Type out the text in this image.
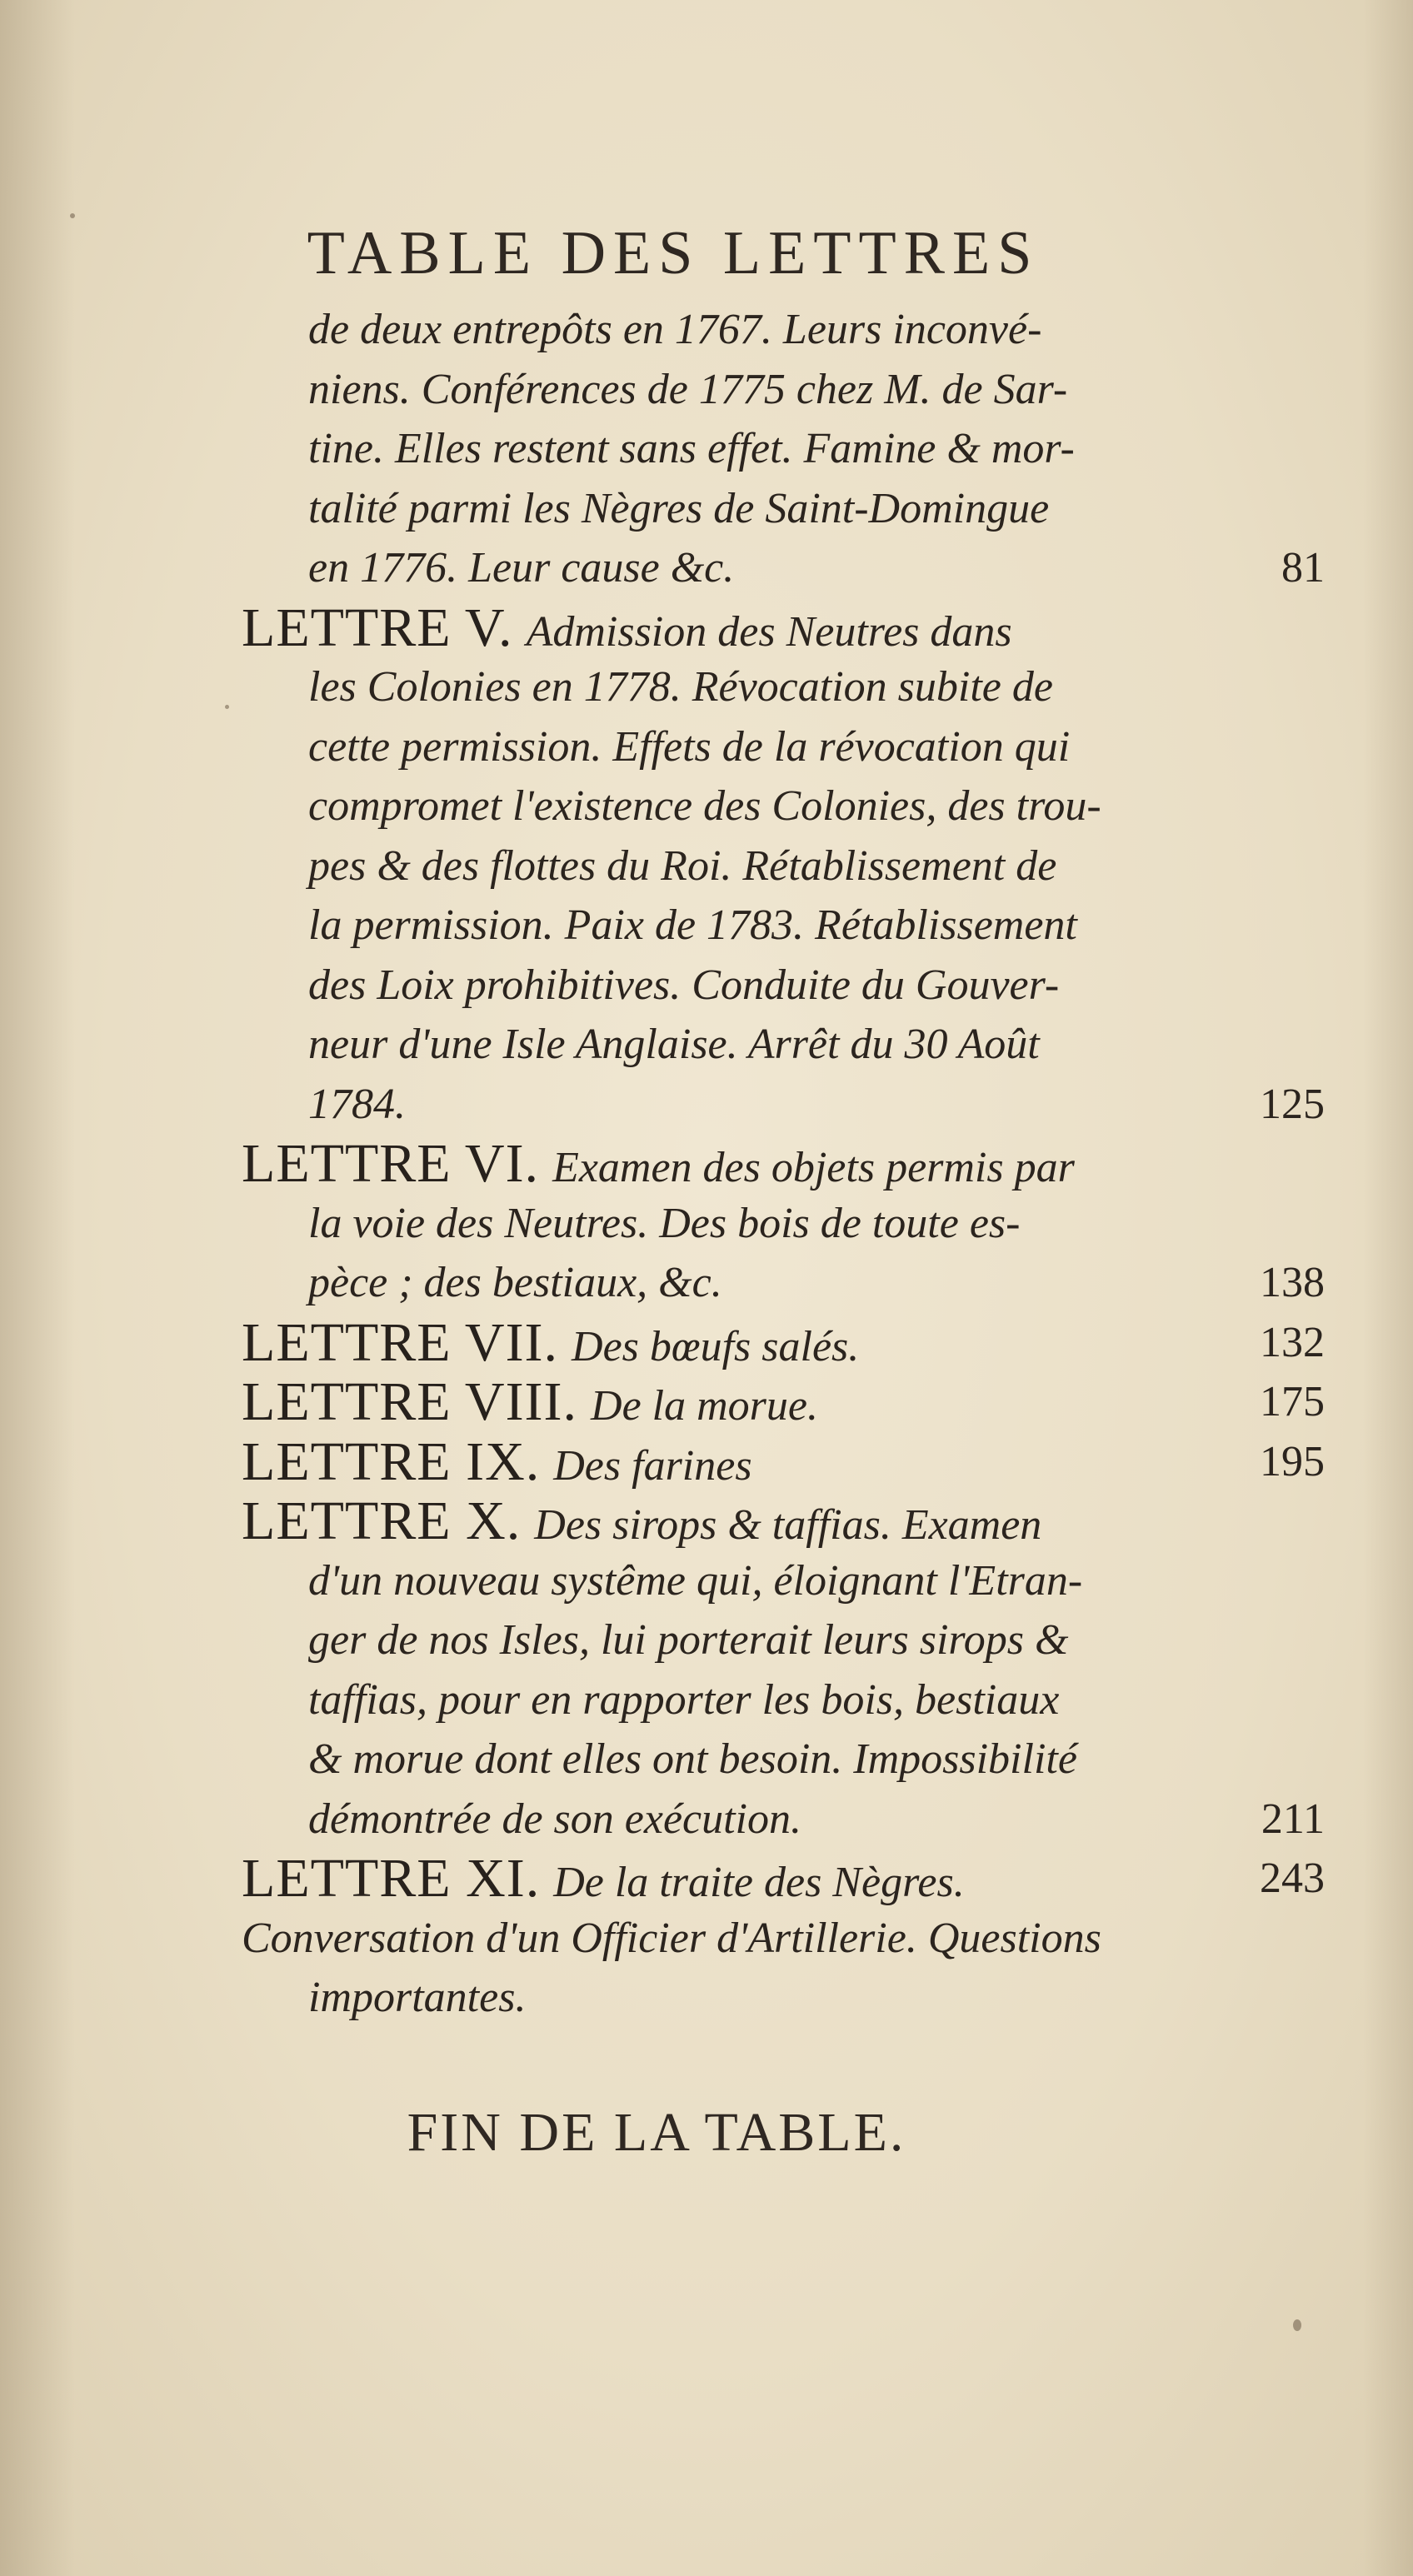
TABLE DES LETTRES
de deux entrepôts en 1767. Leurs inconvé-
niens. Conférences de 1775 chez M. de Sar-
tine. Elles restent sans effet. Famine & mor-
talité parmi les Nègres de Saint-Domingue
en 1776. Leur cause &c.	81
LETTRE V. Admission des Neutres dans
les Colonies en 1778. Révocation subite de
cette permission. Effets de la révocation qui
compromet l'existence des Colonies, des trou-
pes & des flottes du Roi. Rétablissement de
la permission. Paix de 1783. Rétablissement
des Loix prohibitives. Conduite du Gouver-
neur d'une Isle Anglaise. Arrêt du 30 Août
1784.	125
LETTRE VI. Examen des objets permis par
la voie des Neutres. Des bois de toute es-
pèce ; des bestiaux, &c.	138
LETTRE VII. Des bœufs salés.	132
LETTRE VIII. De la morue.	175
LETTRE IX. Des farines	195
LETTRE X. Des sirops & taffias. Examen
d'un nouveau systême qui, éloignant l'Etran-
ger de nos Isles, lui porterait leurs sirops &
taffias, pour en rapporter les bois, bestiaux
& morue dont elles ont besoin. Impossibilité
démontrée de son exécution.	211
LETTRE XI. De la traite des Nègres.	243
Conversation d'un Officier d'Artillerie. Questions
importantes.
FIN DE LA TABLE.
